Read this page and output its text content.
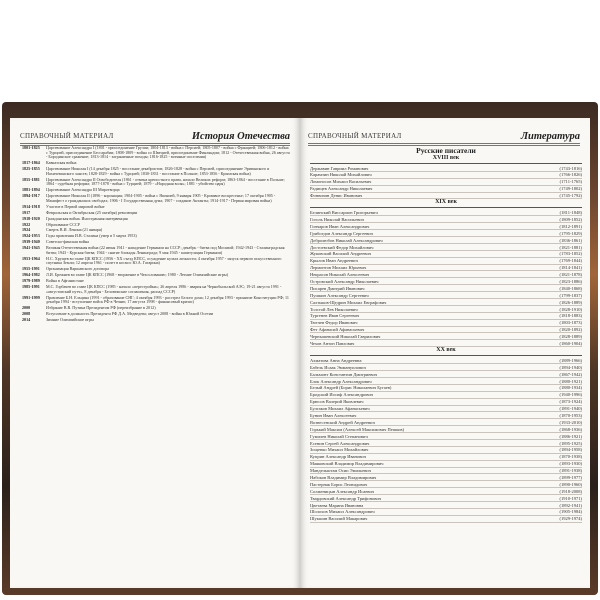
СПРАВОЧНЫЙ МАТЕРИАЛ	История Отечества
1801-1825	Царствование Александра I (1801 - присоединение Грузии; 1804-1813 - война с Персией; 1805-1807 - война с Францией; 1806-1812 - война с Турцией, присоединение Бессарабии; 1808-1809 - война со Швецией, присоединение Финляндии; 1812 - Отечественная война, 26 августа - Бородинское сражение; 1813-1814 - заграничные походы; 1816-1825 - военные поселения)
1817-1864	Кавказская война
1825-1855	Царствование Николая I (14 декабря 1825 - восстание декабристов; 1826-1828 - война с Персией, присоединение Эриванского и Нахичеванского ханств; 1828-1829 - война с Турцией; 1830-1831 - восстание в Польше; 1853-1856 - Крымская война)
1855-1881	Царствование Александра II Освободителя (1861 - отмена крепостного права, начало Великих реформ; 1863-1864 - восстание в Польше; 1864 - судебная реформа; 1877-1878 - война с Турцией; 1879 - «Народная воля»; 1881 - убийство царя)
1881-1894	Царствование Александра III Миротворца
1894-1917	Царствование Николая II (1896 - коронация; 1904-1905 - война с Японией, 9 января 1905 - Кровавое воскресенье; 17 октября 1905 - Манифест о гражданских свободах; 1906 - I Государственная дума; 1907 - создание Антанты; 1914-1917 - Первая мировая война)
1914-1918	Участие в Первой мировой войне
1917	Февральская и Октябрьская (25 октября) революции
1918-1920	Гражданская война. Иностранная интервенция
1922	Образование СССР
1924	Смерть В.И. Ленина (21 января)
1924-1953	Годы правления И.В. Сталина (умер в 5 марта 1953)
1939-1940	Советско-финская война
1941-1945	Великая Отечественная война (22 июня 1941 - нападение Германии на СССР; декабрь - битва под Москвой; 1942-1943 - Сталинградская битва; 1943 - Курская битва; 1944 - снятие блокады Ленинграда; 9 мая 1945 - капитуляция Германии)
1953-1964	Н.С. Хрущев во главе ЦК КПСС (1956 - XX съезд КПСС, осуждение культа личности; 4 октября 1957 - запуск первого искусственного спутника Земли; 12 апреля 1961 - полет в космос Ю.А. Гагарина)
1955-1991	Организация Варшавского договора
1964-1982	Л.И. Брежнев во главе ЦК КПСС (1968 - вторжение в Чехословакию; 1980 - Летние Олимпийские игры)
1979-1989	Война в Афганистане
1985-1991	М.С. Горбачев во главе ЦК КПСС (1985 - начало «перестройки»; 26 апреля 1986 - авария на Чернобыльской АЭС; 19-21 августа 1991 - «августовский путч», 8 декабря - Беловежские соглашения, распад СССР)
1991-1999	Правление Б.Н. Ельцина (1991 - образование СНГ; 4 октября 1993 - расстрел Белого дома; 12 декабря 1993 - принятие Конституции РФ; 11 декабря 1994 - вступление войск РФ в Чечню; 17 августа 1998 - финансовый кризис)
2000	Избрание В.В. Путина Президентом РФ (переизбрание в 2012)
2008	Вступление в должность Президента РФ Д.А. Медведева; август 2008 - война в Южной Осетии
2014	Зимние Олимпийские игры
СПРАВОЧНЫЙ МАТЕРИАЛ	Литература
Русские писатели
XVIII век
Державин Гавриил Романович	(1743-1816)
Карамзин Николай Михайлович	(1766-1826)
Ломоносов Михаил Васильевич	(1711-1765)
Радищев Александр Николаевич	(1749-1802)
Фонвизин Денис Иванович	(1745-1792)
XIX век
Белинский Виссарион Григорьевич	(1811-1848)
Гоголь Николай Васильевич	(1809-1852)
Гончаров Иван Александрович	(1812-1891)
Грибоедов Александр Сергеевич	(1795-1829)
Добролюбов Николай Александрович	(1836-1861)
Достоевский Федор Михайлович	(1821-1881)
Жуковский Василий Андреевич	(1783-1852)
Крылов Иван Андреевич	(1769-1844)
Лермонтов Михаил Юрьевич	(1814-1841)
Некрасов Николай Алексеевич	(1821-1878)
Островский Александр Николаевич	(1823-1886)
Писарев Дмитрий Иванович	(1840-1868)
Пушкин Александр Сергеевич	(1799-1837)
Салтыков-Щедрин Михаил Евграфович	(1826-1889)
Толстой Лев Николаевич	(1828-1910)
Тургенев Иван Сергеевич	(1818-1883)
Тютчев Федор Иванович	(1803-1873)
Фет Афанасий Афанасьевич	(1820-1892)
Чернышевский Николай Гаврилович	(1828-1889)
Чехов Антон Павлович	(1860-1904)
XX век
Ахматова Анна Андреевна	(1889-1966)
Бабель Исаак Эммануилович	(1894-1940)
Бальмонт Константин Дмитриевич	(1867-1942)
Блок Александр Александрович	(1880-1921)
Белый Андрей (Борис Николаевич Бугаев)	(1880-1934)
Бродский Иосиф Александрович	(1940-1996)
Брюсов Валерий Яковлевич	(1873-1924)
Булгаков Михаил Афанасьевич	(1891-1940)
Бунин Иван Алексеевич	(1870-1953)
Вознесенский Андрей Андреевич	(1933-2010)
Горький Максим (Алексей Максимович Пешков)	(1868-1936)
Гумилев Николай Степанович	(1886-1921)
Есенин Сергей Александрович	(1895-1925)
Зощенко Михаил Михайлович	(1894-1958)
Куприн Александр Иванович	(1870-1938)
Маяковский Владимир Владимирович	(1893-1930)
Мандельштам Осип Эмильевич	(1891-1938)
Набоков Владимир Владимирович	(1899-1977)
Пастернак Борис Леонидович	(1890-1960)
Солженицын Александр Исаевич	(1918-2008)
Твардовский Александр Трифонович	(1910-1971)
Цветаева Марина Ивановна	(1892-1941)
Шолохов Михаил Александрович	(1905-1984)
Шукшин Василий Макарович	(1929-1974)
